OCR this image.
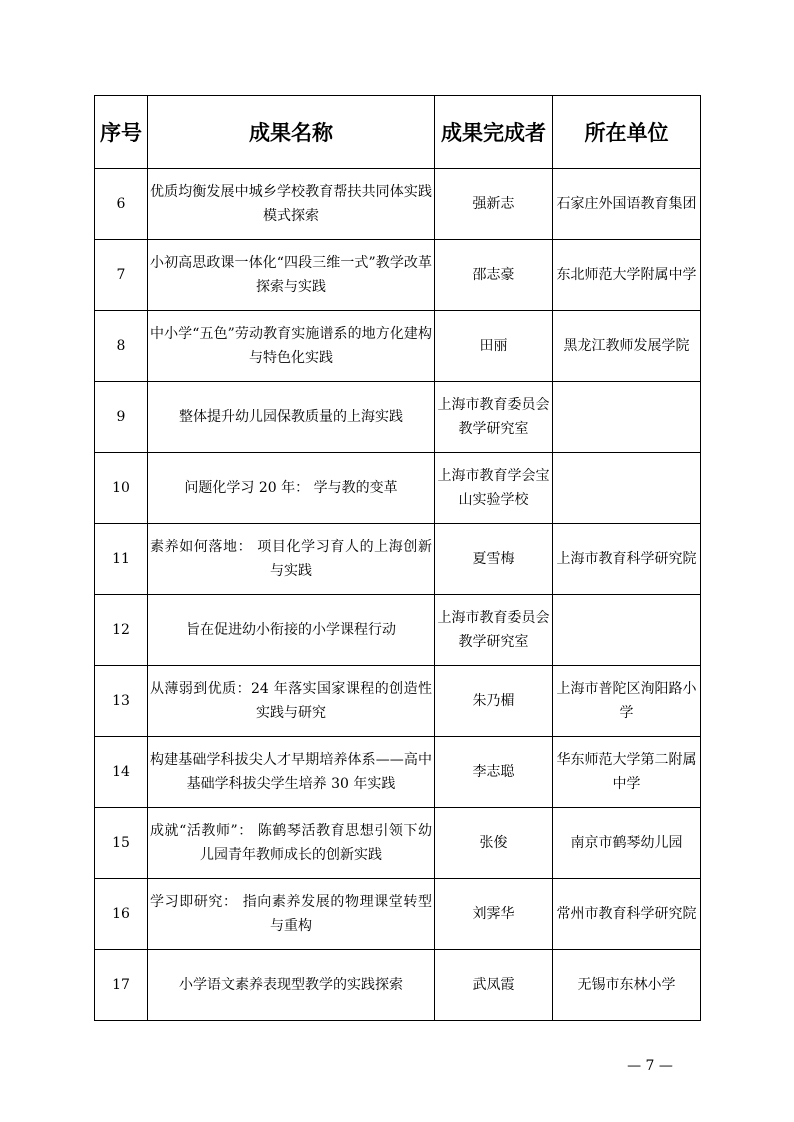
序号	成果名称	成果完成者	所在单位
6	优质均衡发展中城乡学校教育帮扶共同体实践模式探索	强新志	石家庄外国语教育集团
7	小初高思政课一体化“四段三维一式”教学改革探索与实践	邵志豪	东北师范大学附属中学
8	中小学“五色”劳动教育实施谱系的地方化建构与特色化实践	田丽	黑龙江教师发展学院
9	整体提升幼儿园保教质量的上海实践	上海市教育委员会教学研究室	
10	问题化学习 20 年： 学与教的变革	上海市教育学会宝山实验学校	
11	素养如何落地： 项目化学习育人的上海创新与实践	夏雪梅	上海市教育科学研究院
12	旨在促进幼小衔接的小学课程行动	上海市教育委员会教学研究室	
13	从薄弱到优质：24 年落实国家课程的创造性实践与研究	朱乃楣	上海市普陀区洵阳路小学
14	构建基础学科拔尖人才早期培养体系——高中基础学科拔尖学生培养 30 年实践	李志聪	华东师范大学第二附属中学
15	成就“活教师”： 陈鹤琴活教育思想引领下幼儿园青年教师成长的创新实践	张俊	南京市鹤琴幼儿园
16	学习即研究： 指向素养发展的物理课堂转型与重构	刘霁华	常州市教育科学研究院
17	小学语文素养表现型教学的实践探索	武凤霞	无锡市东林小学
— 7 —
